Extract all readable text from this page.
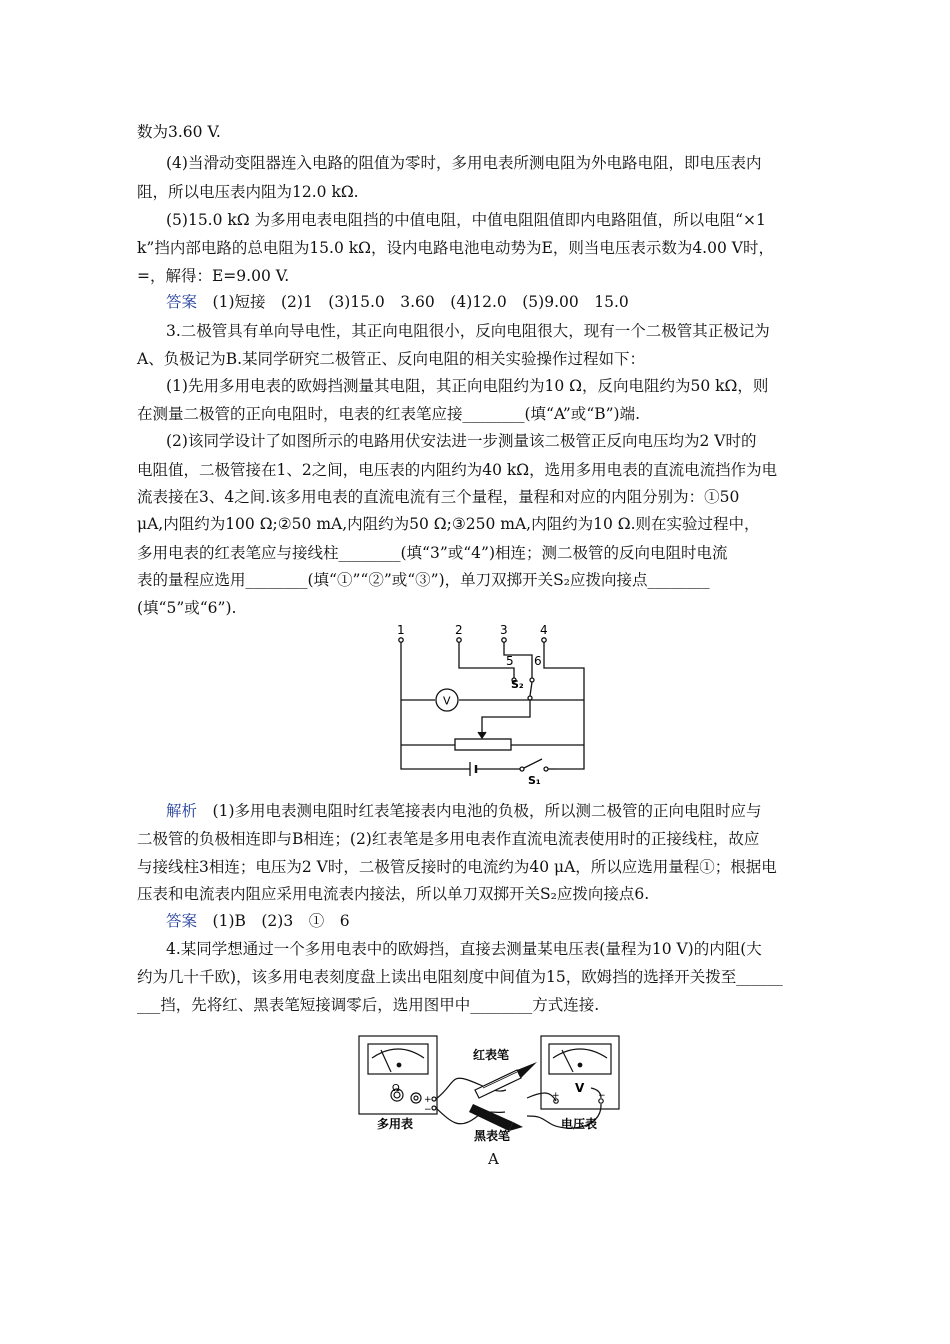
数为3.60 V.
(4)当滑动变阻器连入电路的阻值为零时，多用电表所测电阻为外电路电阻，即电压表内
阻，所以电压表内阻为12.0 kΩ.
(5)15.0 kΩ 为多用电表电阻挡的中值电阻，中值电阻阻值即内电路阻值，所以电阻“×1
k”挡内部电路的总电阻为15.0 kΩ，设内电路电池电动势为E，则当电压表示数为4.00 V时，
=，解得：E=9.00 V.
答案　 (1)短接　(2)1　(3)15.0　3.60　(4)12.0　(5)9.00　15.0
3.二极管具有单向导电性，其正向电阻很小，反向电阻很大，现有一个二极管其正极记为
A、负极记为B.某同学研究二极管正、反向电阻的相关实验操作过程如下：
(1)先用多用电表的欧姆挡测量其电阻，其正向电阻约为10 Ω，反向电阻约为50 kΩ，则
在测量二极管的正向电阻时，电表的红表笔应接________(填“A”或“B”)端.
(2)该同学设计了如图所示的电路用伏安法进一步测量该二极管正反向电压均为2 V时的
电阻值，二极管接在1、2之间，电压表的内阻约为40 kΩ，选用多用电表的直流电流挡作为电
流表接在3、4之间.该多用电表的直流电流有三个量程，量程和对应的内阻分别为：①50
μA,内阻约为100 Ω;②50 mA,内阻约为50 Ω;③250 mA,内阻约为10 Ω.则在实验过程中，
多用电表的红表笔应与接线柱________(填“3”或“4”)相连；测二极管的反向电阻时电流
表的量程应选用________(填“①”“②”或“③”)，单刀双掷开关S₂应拨向接点________
(填“5”或“6”).
1	2	3	4
5 6
S₂
V
S₁
解析　 (1)多用电表测电阻时红表笔接表内电池的负极，所以测二极管的正向电阻时应与
二极管的负极相连即与B相连；(2)红表笔是多用电表作直流电流表使用时的正接线柱，故应
与接线柱3相连；电压为2 V时，二极管反接时的电流约为40 μA，所以应选用量程①；根据电
压表和电流表内阻应采用电流表内接法，所以单刀双掷开关S₂应拨向接点6.
答案　 (1)B　(2)3　①　6
4.某同学想通过一个多用电表中的欧姆挡，直接去测量某电压表(量程为10 V)的内阻(大
约为几十千欧)，该多用电表刻度盘上读出电阻刻度中间值为15，欧姆挡的选择开关拨至______
___挡，先将红、黑表笔短接调零后，选用图甲中________方式连接.
Ω
+
−
V
+	−
红表笔
黑表笔
多用表	电压表
A
